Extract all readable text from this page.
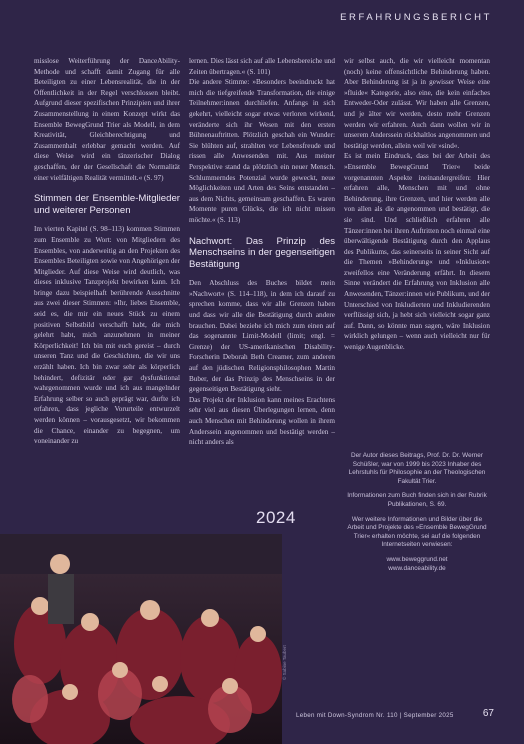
ERFAHRUNGSBERICHT

misslose Weiterführung der DanceAbility-Methode und schafft damit Zugang für alle Beteiligten zu einer Lebensrealität, die in der Öffentlichkeit in der Regel verschlossen bleibt. Aufgrund dieser spezifischen Prinzipien und ihrer Zusammenstellung in einem Konzept wirkt das Ensemble BewegGrund Trier als Modell, in dem Kreativität, Gleichberechtigung und Zusammenhalt erlebbar gemacht werden. Auf diese Weise wird ein tänzerischer Dialog geschaffen, der der Gesellschaft die Normalität einer vielfältigen Realität vermittelt.« (S. 97)

Stimmen der Ensemble-Mitglieder und weiterer Personen

Im vierten Kapitel (S. 98–113) kommen Stimmen zum Ensemble zu Wort: von Mitgliedern des Ensembles, von anderweitig an den Projekten des Ensembles Beteiligten sowie von Angehörigen der Mitglieder. Auf diese Weise wird deutlich, was dieses inklusive Tanzprojekt bewirken kann. Ich bringe dazu beispielhaft berührende Ausschnitte aus zwei dieser Stimmen: »Ihr, liebes Ensemble, seid es, die mir ein neues Stück zu einem positiven Selbstbild verschafft habt, die mich gelehrt habt, mich anzunehmen in meiner Körperlichkeit! Ich bin mit euch gereist – durch unseren Tanz und die Geschichten, die wir uns erzählt haben. Ich bin zwar sehr als körperlich behindert, defizitär oder gar dysfunktional wahrgenommen wurde und ich aus mangelnder Erfahrung selber so auch geprägt war, durfte ich erfahren, dass jegliche Vorurteile entwurzelt werden können – vorausgesetzt, wir bekommen die Chance, einander zu begegnen, um voneinander zu

lernen. Dies lässt sich auf alle Lebensbereiche und Zeiten übertragen.« (S. 101)

Die andere Stimme: »Besonders beeindruckt hat mich die tiefgreifende Transformation, die einige Teilnehmer:innen durchliefen. Anfangs in sich gekehrt, vielleicht sogar etwas verloren wirkend, veränderte sich ihr Wesen mit den ersten Bühnenauftritten. Plötzlich geschah ein Wunder: Sie blühten auf, strahlten vor Lebensfreude und rissen alle Anwesenden mit. Aus meiner Perspektive stand da plötzlich ein neuer Mensch. Schlummerndes Potenzial wurde geweckt, neue Möglichkeiten und Arten des Seins entstanden – aus dem Nichts, gemeinsam geschaffen. Es waren Momente puren Glücks, die ich nicht missen möchte.« (S. 113)

Nachwort: Das Prinzip des Menschseins in der gegenseitigen Bestätigung

Den Abschluss des Buches bildet mein »Nachwort« (S. 114–118), in dem ich darauf zu sprechen komme, dass wir alle Grenzen haben und dass wir alle die Bestätigung durch andere brauchen. Dabei beziehe ich mich zum einen auf das sogenannte Limit-Modell (limit; engl. = Grenze) der US-amerikanischen Disability-Forscherin Deborah Beth Creamer, zum anderen auf den jüdischen Religionsphilosophen Martin Buber, der das Prinzip des Menschseins in der gegenseitigen Bestätigung sieht.

Das Projekt der Inklusion kann meines Erachtens sehr viel aus diesen Überlegungen lernen, denn auch Menschen mit Behinderung wollen in ihrem Anderssein angenommen und bestätigt werden – nicht anders als

wir selbst auch, die wir vielleicht momentan (noch) keine offensichtliche Behinderung haben. Aber Behinderung ist ja in gewisser Weise eine »fluide« Kategorie, also eine, die kein einfaches Entweder-Oder zulässt. Wir haben alle Grenzen, und je älter wir werden, desto mehr Grenzen werden wir erfahren. Auch dann wollen wir in unserem Anderssein rückhaltlos angenommen und bestätigt werden, allein weil wir »sind«.

Es ist mein Eindruck, dass bei der Arbeit des »Ensemble BewegGrund Trier« beide vorgenannten Aspekte ineinandergreifen: Hier erfahren alle, Menschen mit und ohne Behinderung, ihre Grenzen, und hier werden alle von allen als die angenommen und bestätigt, die sie sind. Und schließlich erfahren alle Tänzer:innen bei ihren Auftritten noch einmal eine überwältigende Bestätigung durch den Applaus des Publikums, das seinerseits in seiner Sicht auf die Themen »Behinderung« und »Inklusion« zweifellos eine Veränderung erfährt. In diesem Sinne verändert die Erfahrung von Inklusion alle Anwesenden, Tänzer:innen wie Publikum, und der Unterschied von Inkludierten und Inkludierenden verflüssigt sich, ja hebt sich vielleicht sogar ganz auf. Dann, so könnte man sagen, wäre Inklusion wirklich gelungen – wenn auch vielleicht nur für wenige Augenblicke.

Der Autor dieses Beitrags, Prof. Dr. Dr. Werner Schüßler, war von 1999 bis 2023 Inhaber des Lehrstuhls für Philosophie an der Theologischen Fakultät Trier.

Informationen zum Buch finden sich in der Rubrik Publikationen, S. 69.

Wer weitere Informationen und Bilder über die Arbeit und Projekte des »Ensemble BewegGrund Trier« erhalten möchte, sei auf die folgenden Internetseiten verwiesen:

www.beweggrund.net
www.danceability.de
2024
© Sabine Taubert
Leben mit Down-Syndrom Nr. 110 | September 2025	67
